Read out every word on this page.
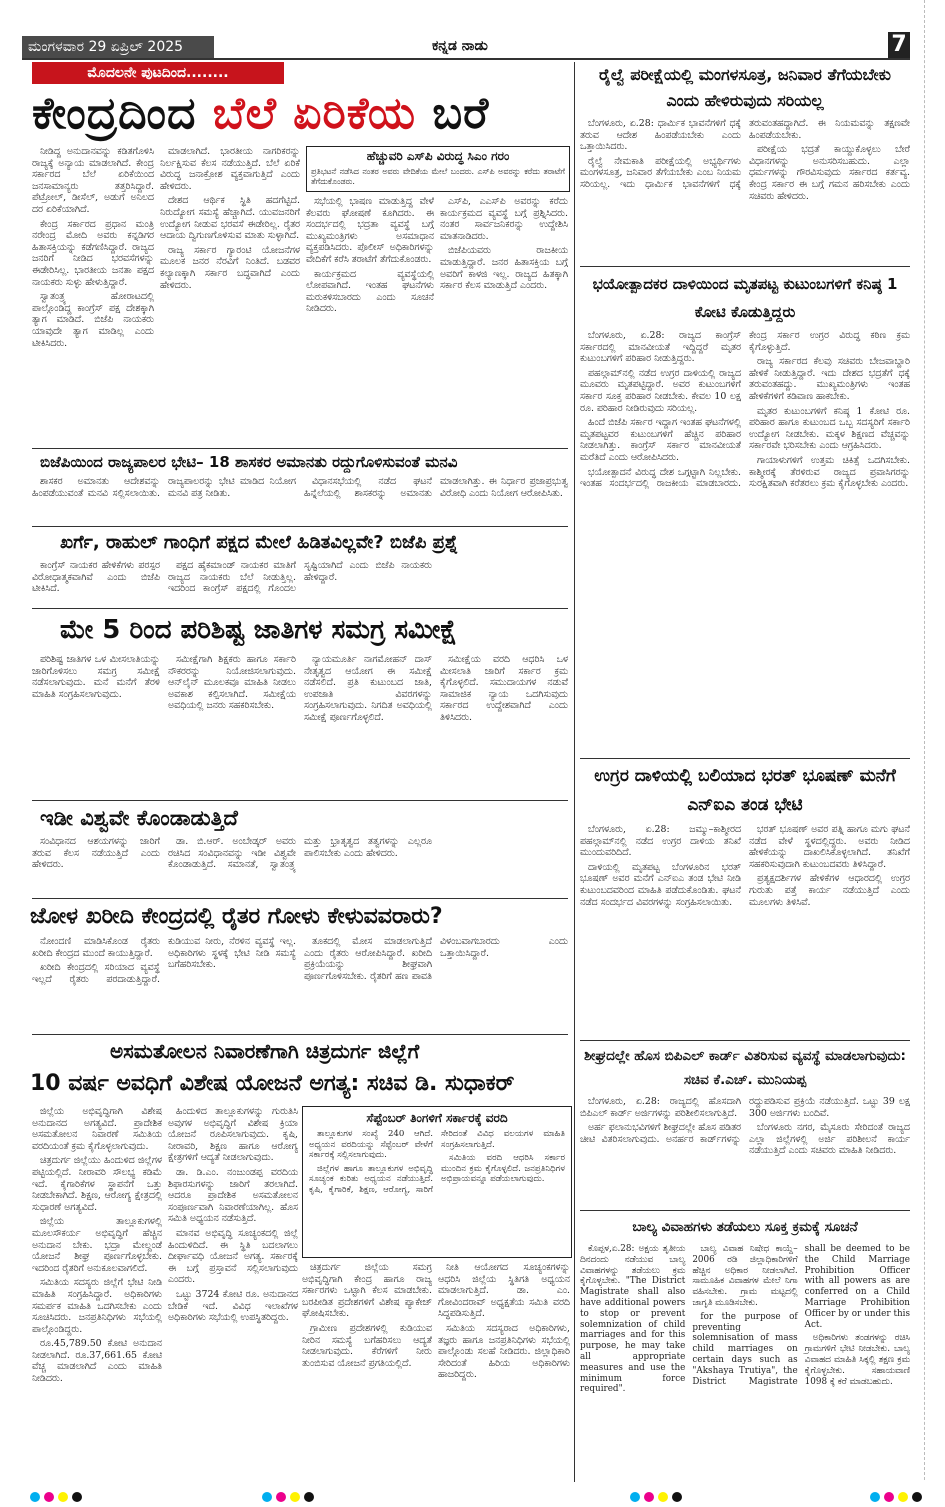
ಮಂಗಳವಾರ 29 ಏಪ್ರಿಲ್ 2025	ಕನ್ನಡ ನಾಡು	7
ಮೊದಲನೇ ಪುಟದಿಂದ........
ಕೇಂದ್ರದಿಂದ ಬೆಲೆ ಏರಿಕೆಯ ಬರೆ

ನೀಡಿದ್ದ ಅನುದಾನವನ್ನು ಕಡಿತಗೊಳಿಸಿ ರಾಜ್ಯಕ್ಕೆ ಅನ್ಯಾಯ ಮಾಡಲಾಗಿದೆ. ಕೇಂದ್ರ ಸರ್ಕಾರದ ಬೆಲೆ ಏರಿಕೆಯಿಂದ ಜನಸಾಮಾನ್ಯರು ತತ್ತರಿಸಿದ್ದಾರೆ. ಪೆಟ್ರೋಲ್, ಡೀಸೆಲ್, ಅಡುಗೆ ಅನಿಲದ ದರ ಏರಿಕೆಯಾಗಿದೆ.

ಕೇಂದ್ರ ಸರ್ಕಾರದ ಪ್ರಧಾನ ಮಂತ್ರಿ ನರೇಂದ್ರ ಮೋದಿ ಅವರು ಕನ್ನಡಿಗರ ಹಿತಾಸಕ್ತಿಯನ್ನು ಕಡೆಗಣಿಸಿದ್ದಾರೆ. ರಾಜ್ಯದ ಜನರಿಗೆ ನೀಡಿದ ಭರವಸೆಗಳನ್ನು ಈಡೇರಿಸಿಲ್ಲ. ಭಾರತೀಯ ಜನತಾ ಪಕ್ಷದ ನಾಯಕರು ಸುಳ್ಳು ಹೇಳುತ್ತಿದ್ದಾರೆ.

ಸ್ವಾತಂತ್ರ್ಯ ಹೋರಾಟದಲ್ಲಿ ಪಾಲ್ಗೊಂಡಿದ್ದ ಕಾಂಗ್ರೆಸ್ ಪಕ್ಷ ದೇಶಕ್ಕಾಗಿ ತ್ಯಾಗ ಮಾಡಿದೆ. ಬಿಜೆಪಿ ನಾಯಕರು ಯಾವುದೇ ತ್ಯಾಗ ಮಾಡಿಲ್ಲ ಎಂದು ಟೀಕಿಸಿದರು.

ಮಾಡಲಾಗಿದೆ. ಭಾರತೀಯ ನಾಗರಿಕರನ್ನು ನಿರ್ಲಕ್ಷಿಸುವ ಕೆಲಸ ನಡೆಯುತ್ತಿದೆ. ಬೆಲೆ ಏರಿಕೆ ವಿರುದ್ಧ ಜನಾಕ್ರೋಶ ವ್ಯಕ್ತವಾಗುತ್ತಿದೆ ಎಂದು ಹೇಳಿದರು.

ದೇಶದ ಆರ್ಥಿಕ ಸ್ಥಿತಿ ಹದಗೆಟ್ಟಿದೆ. ನಿರುದ್ಯೋಗ ಸಮಸ್ಯೆ ಹೆಚ್ಚಾಗಿದೆ. ಯುವಜನರಿಗೆ ಉದ್ಯೋಗ ನೀಡುವ ಭರವಸೆ ಈಡೇರಿಲ್ಲ. ರೈತರ ಆದಾಯ ದ್ವಿಗುಣಗೊಳಿಸುವ ಮಾತು ಸುಳ್ಳಾಗಿದೆ.

ರಾಜ್ಯ ಸರ್ಕಾರ ಗ್ಯಾರಂಟಿ ಯೋಜನೆಗಳ ಮೂಲಕ ಜನರ ನೆರವಿಗೆ ನಿಂತಿದೆ. ಬಡವರ ಕಲ್ಯಾಣಕ್ಕಾಗಿ ಸರ್ಕಾರ ಬದ್ಧವಾಗಿದೆ ಎಂದು ಹೇಳಿದರು.

ಹೆಚ್ಚುವರಿ ಎಸ್‌ಪಿ ವಿರುದ್ಧ ಸಿಎಂ ಗರಂ
ಪ್ರತಿಭಟನೆ ನಡೆಸಿದ ನಂತರ ಅವರು ವೇದಿಕೆಯ ಮೇಲೆ ಬಂದರು. ಎಸ್‌ಪಿ ಅವರನ್ನು ಕರೆದು ತರಾಟೆಗೆ ತೆಗೆದುಕೊಂಡರು.

ಸಭೆಯಲ್ಲಿ ಭಾಷಣ ಮಾಡುತ್ತಿದ್ದ ವೇಳೆ ಕೆಲವರು ಘೋಷಣೆ ಕೂಗಿದರು. ಈ ಸಂದರ್ಭದಲ್ಲಿ ಭದ್ರತಾ ವ್ಯವಸ್ಥೆ ಬಗ್ಗೆ ಮುಖ್ಯಮಂತ್ರಿಗಳು ಅಸಮಾಧಾನ ವ್ಯಕ್ತಪಡಿಸಿದರು. ಪೊಲೀಸ್ ಅಧಿಕಾರಿಗಳನ್ನು ವೇದಿಕೆಗೆ ಕರೆಸಿ ತರಾಟೆಗೆ ತೆಗೆದುಕೊಂಡರು.

ಕಾರ್ಯಕ್ರಮದ ವ್ಯವಸ್ಥೆಯಲ್ಲಿ ಲೋಪವಾಗಿದೆ. ಇಂತಹ ಘಟನೆಗಳು ಮರುಕಳಿಸಬಾರದು ಎಂದು ಸೂಚನೆ ನೀಡಿದರು.

ಎಸ್‌ಪಿ, ಎಎಸ್‌ಪಿ ಅವರನ್ನು ಕರೆದು ಕಾರ್ಯಕ್ರಮದ ವ್ಯವಸ್ಥೆ ಬಗ್ಗೆ ಪ್ರಶ್ನಿಸಿದರು. ನಂತರ ಸಾರ್ವಜನಿಕರನ್ನು ಉದ್ದೇಶಿಸಿ ಮಾತನಾಡಿದರು.

ಬಿಜೆಪಿಯವರು ರಾಜಕೀಯ ಮಾಡುತ್ತಿದ್ದಾರೆ. ಜನರ ಹಿತಾಸಕ್ತಿಯ ಬಗ್ಗೆ ಅವರಿಗೆ ಕಾಳಜಿ ಇಲ್ಲ. ರಾಜ್ಯದ ಹಿತಕ್ಕಾಗಿ ಸರ್ಕಾರ ಕೆಲಸ ಮಾಡುತ್ತಿದೆ ಎಂದರು.

ಬಿಜೆಪಿಯಿಂದ ರಾಜ್ಯಪಾಲರ ಭೇಟಿ– 18 ಶಾಸಕರ ಅಮಾನತು ರದ್ದುಗೊಳಿಸುವಂತೆ ಮನವಿ

ಶಾಸಕರ ಅಮಾನತು ಆದೇಶವನ್ನು ಹಿಂಪಡೆಯುವಂತೆ ಮನವಿ ಸಲ್ಲಿಸಲಾಯಿತು. ರಾಜ್ಯಪಾಲರನ್ನು ಭೇಟಿ ಮಾಡಿದ ನಿಯೋಗ ಮನವಿ ಪತ್ರ ನೀಡಿತು.

ವಿಧಾನಸಭೆಯಲ್ಲಿ ನಡೆದ ಘಟನೆ ಹಿನ್ನೆಲೆಯಲ್ಲಿ ಶಾಸಕರನ್ನು ಅಮಾನತು ಮಾಡಲಾಗಿತ್ತು. ಈ ನಿರ್ಧಾರ ಪ್ರಜಾಪ್ರಭುತ್ವ ವಿರೋಧಿ ಎಂದು ನಿಯೋಗ ಆರೋಪಿಸಿತು.

ಖರ್ಗೆ, ರಾಹುಲ್ ಗಾಂಧಿಗೆ ಪಕ್ಷದ ಮೇಲೆ ಹಿಡಿತವಿಲ್ಲವೇ? ಬಿಜೆಪಿ ಪ್ರಶ್ನೆ

ಕಾಂಗ್ರೆಸ್ ನಾಯಕರ ಹೇಳಿಕೆಗಳು ಪರಸ್ಪರ ವಿರೋಧಾತ್ಮಕವಾಗಿವೆ ಎಂದು ಬಿಜೆಪಿ ಟೀಕಿಸಿದೆ.

ಪಕ್ಷದ ಹೈಕಮಾಂಡ್ ನಾಯಕರ ಮಾತಿಗೆ ರಾಜ್ಯದ ನಾಯಕರು ಬೆಲೆ ನೀಡುತ್ತಿಲ್ಲ. ಇದರಿಂದ ಕಾಂಗ್ರೆಸ್ ಪಕ್ಷದಲ್ಲಿ ಗೊಂದಲ ಸೃಷ್ಟಿಯಾಗಿದೆ ಎಂದು ಬಿಜೆಪಿ ನಾಯಕರು ಹೇಳಿದ್ದಾರೆ.

ಮೇ 5 ರಿಂದ ಪರಿಶಿಷ್ಟ ಜಾತಿಗಳ ಸಮಗ್ರ ಸಮೀಕ್ಷೆ

ಪರಿಶಿಷ್ಟ ಜಾತಿಗಳ ಒಳ ಮೀಸಲಾತಿಯನ್ನು ಜಾರಿಗೊಳಿಸಲು ಸಮಗ್ರ ಸಮೀಕ್ಷೆ ನಡೆಸಲಾಗುವುದು. ಮನೆ ಮನೆಗೆ ತೆರಳಿ ಮಾಹಿತಿ ಸಂಗ್ರಹಿಸಲಾಗುವುದು.

ಸಮೀಕ್ಷೆಗಾಗಿ ಶಿಕ್ಷಕರು ಹಾಗೂ ಸರ್ಕಾರಿ ನೌಕರರನ್ನು ನಿಯೋಜಿಸಲಾಗುವುದು. ಆನ್‌ಲೈನ್ ಮೂಲಕವೂ ಮಾಹಿತಿ ನೀಡಲು ಅವಕಾಶ ಕಲ್ಪಿಸಲಾಗಿದೆ. ಸಮೀಕ್ಷೆಯ ಅವಧಿಯಲ್ಲಿ ಜನರು ಸಹಕರಿಸಬೇಕು.

ನ್ಯಾಯಮೂರ್ತಿ ನಾಗಮೋಹನ್ ದಾಸ್ ನೇತೃತ್ವದ ಆಯೋಗ ಈ ಸಮೀಕ್ಷೆ ನಡೆಸಲಿದೆ. ಪ್ರತಿ ಕುಟುಂಬದ ಜಾತಿ, ಉಪಜಾತಿ ವಿವರಗಳನ್ನು ಸಂಗ್ರಹಿಸಲಾಗುವುದು. ನಿಗದಿತ ಅವಧಿಯಲ್ಲಿ ಸಮೀಕ್ಷೆ ಪೂರ್ಣಗೊಳ್ಳಲಿದೆ.

ಸಮೀಕ್ಷೆಯ ವರದಿ ಆಧರಿಸಿ ಒಳ ಮೀಸಲಾತಿ ಜಾರಿಗೆ ಸರ್ಕಾರ ಕ್ರಮ ಕೈಗೊಳ್ಳಲಿದೆ. ಸಮುದಾಯಗಳ ನಡುವೆ ಸಾಮಾಜಿಕ ನ್ಯಾಯ ಒದಗಿಸುವುದು ಸರ್ಕಾರದ ಉದ್ದೇಶವಾಗಿದೆ ಎಂದು ತಿಳಿಸಿದರು.

ಇಡೀ ವಿಶ್ವವೇ ಕೊಂಡಾಡುತ್ತಿದೆ

ಸಂವಿಧಾನದ ಆಶಯಗಳನ್ನು ಜಾರಿಗೆ ತರುವ ಕೆಲಸ ನಡೆಯುತ್ತಿದೆ ಎಂದು ಹೇಳಿದರು.

ಡಾ. ಬಿ.ಆರ್. ಅಂಬೇಡ್ಕರ್ ಅವರು ರಚಿಸಿದ ಸಂವಿಧಾನವನ್ನು ಇಡೀ ವಿಶ್ವವೇ ಕೊಂಡಾಡುತ್ತಿದೆ. ಸಮಾನತೆ, ಸ್ವಾತಂತ್ರ್ಯ ಮತ್ತು ಭ್ರಾತೃತ್ವದ ತತ್ವಗಳನ್ನು ಎಲ್ಲರೂ ಪಾಲಿಸಬೇಕು ಎಂದು ಹೇಳಿದರು.

ಜೋಳ ಖರೀದಿ ಕೇಂದ್ರದಲ್ಲಿ ರೈತರ ಗೋಳು ಕೇಳುವವರಾರು?

ನೋಂದಣಿ ಮಾಡಿಸಿಕೊಂಡ ರೈತರು ಖರೀದಿ ಕೇಂದ್ರದ ಮುಂದೆ ಕಾಯುತ್ತಿದ್ದಾರೆ.

ಖರೀದಿ ಕೇಂದ್ರದಲ್ಲಿ ಸರಿಯಾದ ವ್ಯವಸ್ಥೆ ಇಲ್ಲದೆ ರೈತರು ಪರದಾಡುತ್ತಿದ್ದಾರೆ. ಕುಡಿಯುವ ನೀರು, ನೆರಳಿನ ವ್ಯವಸ್ಥೆ ಇಲ್ಲ. ಅಧಿಕಾರಿಗಳು ಸ್ಥಳಕ್ಕೆ ಭೇಟಿ ನೀಡಿ ಸಮಸ್ಯೆ ಬಗೆಹರಿಸಬೇಕು.

ತೂಕದಲ್ಲಿ ಮೋಸ ಮಾಡಲಾಗುತ್ತಿದೆ ಎಂದು ರೈತರು ಆರೋಪಿಸಿದ್ದಾರೆ. ಖರೀದಿ ಪ್ರಕ್ರಿಯೆಯನ್ನು ಶೀಘ್ರವಾಗಿ ಪೂರ್ಣಗೊಳಿಸಬೇಕು. ರೈತರಿಗೆ ಹಣ ಪಾವತಿ ವಿಳಂಬವಾಗಬಾರದು ಎಂದು ಒತ್ತಾಯಿಸಿದ್ದಾರೆ.

ಅಸಮತೋಲನ ನಿವಾರಣೆಗಾಗಿ ಚಿತ್ರದುರ್ಗ ಜಿಲ್ಲೆಗೆ
10 ವರ್ಷ ಅವಧಿಗೆ ವಿಶೇಷ ಯೋಜನೆ ಅಗತ್ಯ: ಸಚಿವ ಡಿ. ಸುಧಾಕರ್

ಜಿಲ್ಲೆಯ ಅಭಿವೃದ್ಧಿಗಾಗಿ ವಿಶೇಷ ಅನುದಾನದ ಅಗತ್ಯವಿದೆ. ಪ್ರಾದೇಶಿಕ ಅಸಮತೋಲನ ನಿವಾರಣೆ ಸಮಿತಿಯ ವರದಿಯಂತೆ ಕ್ರಮ ಕೈಗೊಳ್ಳಲಾಗುವುದು.

ಚಿತ್ರದುರ್ಗ ಜಿಲ್ಲೆಯು ಹಿಂದುಳಿದ ಜಿಲ್ಲೆಗಳ ಪಟ್ಟಿಯಲ್ಲಿದೆ. ನೀರಾವರಿ ಸೌಲಭ್ಯ ಕಡಿಮೆ ಇದೆ. ಕೈಗಾರಿಕೆಗಳ ಸ್ಥಾಪನೆಗೆ ಒತ್ತು ನೀಡಬೇಕಾಗಿದೆ. ಶಿಕ್ಷಣ, ಆರೋಗ್ಯ ಕ್ಷೇತ್ರದಲ್ಲಿ ಸುಧಾರಣೆ ಅಗತ್ಯವಿದೆ.

ಜಿಲ್ಲೆಯ ತಾಲ್ಲೂಕುಗಳಲ್ಲಿ ಮೂಲಸೌಕರ್ಯ ಅಭಿವೃದ್ಧಿಗೆ ಹೆಚ್ಚಿನ ಅನುದಾನ ಬೇಕು. ಭದ್ರಾ ಮೇಲ್ದಂಡೆ ಯೋಜನೆ ಶೀಘ್ರ ಪೂರ್ಣಗೊಳ್ಳಬೇಕು. ಇದರಿಂದ ರೈತರಿಗೆ ಅನುಕೂಲವಾಗಲಿದೆ.

ಸಮಿತಿಯ ಸದಸ್ಯರು ಜಿಲ್ಲೆಗೆ ಭೇಟಿ ನೀಡಿ ಮಾಹಿತಿ ಸಂಗ್ರಹಿಸಿದ್ದಾರೆ. ಅಧಿಕಾರಿಗಳು ಸಮರ್ಪಕ ಮಾಹಿತಿ ಒದಗಿಸಬೇಕು ಎಂದು ಸೂಚಿಸಿದರು. ಜನಪ್ರತಿನಿಧಿಗಳು ಸಭೆಯಲ್ಲಿ ಪಾಲ್ಗೊಂಡಿದ್ದರು.

ರೂ.45,789.50 ಕೋಟಿ ಅನುದಾನ ನೀಡಲಾಗಿದೆ. ರೂ.37,661.65 ಕೋಟಿ ವೆಚ್ಚ ಮಾಡಲಾಗಿದೆ ಎಂದು ಮಾಹಿತಿ ನೀಡಿದರು.

ಹಿಂದುಳಿದ ತಾಲ್ಲೂಕುಗಳನ್ನು ಗುರುತಿಸಿ ಅವುಗಳ ಅಭಿವೃದ್ಧಿಗೆ ವಿಶೇಷ ಕ್ರಿಯಾ ಯೋಜನೆ ರೂಪಿಸಲಾಗುವುದು. ಕೃಷಿ, ನೀರಾವರಿ, ಶಿಕ್ಷಣ ಹಾಗೂ ಆರೋಗ್ಯ ಕ್ಷೇತ್ರಗಳಿಗೆ ಆದ್ಯತೆ ನೀಡಲಾಗುವುದು.

ಡಾ. ಡಿ.ಎಂ. ನಂಜುಂಡಪ್ಪ ವರದಿಯ ಶಿಫಾರಸುಗಳನ್ನು ಜಾರಿಗೆ ತರಲಾಗಿದೆ. ಆದರೂ ಪ್ರಾದೇಶಿಕ ಅಸಮತೋಲನ ಸಂಪೂರ್ಣವಾಗಿ ನಿವಾರಣೆಯಾಗಿಲ್ಲ. ಹೊಸ ಸಮಿತಿ ಅಧ್ಯಯನ ನಡೆಸುತ್ತಿದೆ.

ಮಾನವ ಅಭಿವೃದ್ಧಿ ಸೂಚ್ಯಂಕದಲ್ಲಿ ಜಿಲ್ಲೆ ಹಿಂದುಳಿದಿದೆ. ಈ ಸ್ಥಿತಿ ಬದಲಾಗಲು ದೀರ್ಘಾವಧಿ ಯೋಜನೆ ಅಗತ್ಯ. ಸರ್ಕಾರಕ್ಕೆ ಈ ಬಗ್ಗೆ ಪ್ರಸ್ತಾವನೆ ಸಲ್ಲಿಸಲಾಗುವುದು ಎಂದರು.

ಒಟ್ಟು 3724 ಕೋಟಿ ರೂ. ಅನುದಾನದ ಬೇಡಿಕೆ ಇದೆ. ವಿವಿಧ ಇಲಾಖೆಗಳ ಅಧಿಕಾರಿಗಳು ಸಭೆಯಲ್ಲಿ ಉಪಸ್ಥಿತರಿದ್ದರು.

ಸೆಪ್ಟೆಂಬರ್ ತಿಂಗಳಿಗೆ ಸರ್ಕಾರಕ್ಕೆ ವರದಿ

ತಾಲ್ಲೂಕುಗಳ ಸಂಖ್ಯೆ 240 ಆಗಿದೆ. ಅಧ್ಯಯನ ವರದಿಯನ್ನು ಸೆಪ್ಟೆಂಬರ್ ವೇಳೆಗೆ ಸರ್ಕಾರಕ್ಕೆ ಸಲ್ಲಿಸಲಾಗುವುದು.

ಜಿಲ್ಲೆಗಳ ಹಾಗೂ ತಾಲ್ಲೂಕುಗಳ ಅಭಿವೃದ್ಧಿ ಸೂಚ್ಯಂಕ ಕುರಿತು ಅಧ್ಯಯನ ನಡೆಯುತ್ತಿದೆ. ಕೃಷಿ, ಕೈಗಾರಿಕೆ, ಶಿಕ್ಷಣ, ಆರೋಗ್ಯ, ಸಾರಿಗೆ ಸೇರಿದಂತೆ ವಿವಿಧ ವಲಯಗಳ ಮಾಹಿತಿ ಸಂಗ್ರಹಿಸಲಾಗುತ್ತಿದೆ.

ಸಮಿತಿಯ ವರದಿ ಆಧರಿಸಿ ಸರ್ಕಾರ ಮುಂದಿನ ಕ್ರಮ ಕೈಗೊಳ್ಳಲಿದೆ. ಜನಪ್ರತಿನಿಧಿಗಳ ಅಭಿಪ್ರಾಯವನ್ನೂ ಪಡೆಯಲಾಗುವುದು.

ಚಿತ್ರದುರ್ಗ ಜಿಲ್ಲೆಯ ಸಮಗ್ರ ಅಭಿವೃದ್ಧಿಗಾಗಿ ಕೇಂದ್ರ ಹಾಗೂ ರಾಜ್ಯ ಸರ್ಕಾರಗಳು ಒಟ್ಟಾಗಿ ಕೆಲಸ ಮಾಡಬೇಕು. ಬರಪೀಡಿತ ಪ್ರದೇಶಗಳಿಗೆ ವಿಶೇಷ ಪ್ಯಾಕೇಜ್ ಘೋಷಿಸಬೇಕು.

ಗ್ರಾಮೀಣ ಪ್ರದೇಶಗಳಲ್ಲಿ ಕುಡಿಯುವ ನೀರಿನ ಸಮಸ್ಯೆ ಬಗೆಹರಿಸಲು ಆದ್ಯತೆ ನೀಡಲಾಗುವುದು. ಕೆರೆಗಳಿಗೆ ನೀರು ತುಂಬಿಸುವ ಯೋಜನೆ ಪ್ರಗತಿಯಲ್ಲಿದೆ.

ನೀತಿ ಆಯೋಗದ ಸೂಚ್ಯಂಕಗಳನ್ನು ಆಧರಿಸಿ ಜಿಲ್ಲೆಯ ಸ್ಥಿತಿಗತಿ ಅಧ್ಯಯನ ಮಾಡಲಾಗುತ್ತಿದೆ. ಡಾ. ಎಂ. ಗೋವಿಂದರಾವ್ ಅಧ್ಯಕ್ಷತೆಯ ಸಮಿತಿ ವರದಿ ಸಿದ್ಧಪಡಿಸುತ್ತಿದೆ.

ಸಮಿತಿಯ ಸದಸ್ಯರಾದ ಅಧಿಕಾರಿಗಳು, ತಜ್ಞರು ಹಾಗೂ ಜನಪ್ರತಿನಿಧಿಗಳು ಸಭೆಯಲ್ಲಿ ಪಾಲ್ಗೊಂಡು ಸಲಹೆ ನೀಡಿದರು. ಜಿಲ್ಲಾಧಿಕಾರಿ ಸೇರಿದಂತೆ ಹಿರಿಯ ಅಧಿಕಾರಿಗಳು ಹಾಜರಿದ್ದರು.

ರೈಲ್ವೆ ಪರೀಕ್ಷೆಯಲ್ಲಿ ಮಂಗಳಸೂತ್ರ, ಜನಿವಾರ ತೆಗೆಯಬೇಕು ಎಂದು ಹೇಳಿರುವುದು ಸರಿಯಲ್ಲ

ಬೆಂಗಳೂರು, ಏ.28: ಧಾರ್ಮಿಕ ಭಾವನೆಗಳಿಗೆ ಧಕ್ಕೆ ತರುವ ಆದೇಶ ಹಿಂಪಡೆಯಬೇಕು ಎಂದು ಒತ್ತಾಯಿಸಿದರು.

ರೈಲ್ವೆ ನೇಮಕಾತಿ ಪರೀಕ್ಷೆಯಲ್ಲಿ ಅಭ್ಯರ್ಥಿಗಳು ಮಂಗಳಸೂತ್ರ, ಜನಿವಾರ ತೆಗೆಯಬೇಕು ಎಂಬ ನಿಯಮ ಸರಿಯಲ್ಲ. ಇದು ಧಾರ್ಮಿಕ ಭಾವನೆಗಳಿಗೆ ಧಕ್ಕೆ ತರುವಂತಹದ್ದಾಗಿದೆ. ಈ ನಿಯಮವನ್ನು ತಕ್ಷಣವೇ ಹಿಂಪಡೆಯಬೇಕು.

ಪರೀಕ್ಷೆಯ ಭದ್ರತೆ ಕಾಯ್ದುಕೊಳ್ಳಲು ಬೇರೆ ವಿಧಾನಗಳನ್ನು ಅನುಸರಿಸಬಹುದು. ಎಲ್ಲಾ ಧರ್ಮಗಳನ್ನು ಗೌರವಿಸುವುದು ಸರ್ಕಾರದ ಕರ್ತವ್ಯ. ಕೇಂದ್ರ ಸರ್ಕಾರ ಈ ಬಗ್ಗೆ ಗಮನ ಹರಿಸಬೇಕು ಎಂದು ಸಚಿವರು ಹೇಳಿದರು.

ಭಯೋತ್ಪಾದಕರ ದಾಳಿಯಿಂದ ಮೃತಪಟ್ಟ ಕುಟುಂಬಗಳಿಗೆ ಕನಿಷ್ಠ 1 ಕೋಟಿ ಕೊಡುತ್ತಿದ್ದರು

ಬೆಂಗಳೂರು, ಏ.28: ರಾಜ್ಯದ ಕಾಂಗ್ರೆಸ್ ಸರ್ಕಾರದಲ್ಲಿ ಮಾನವೀಯತೆ ಇದ್ದಿದ್ದರೆ ಮೃತರ ಕುಟುಂಬಗಳಿಗೆ ಪರಿಹಾರ ನೀಡುತ್ತಿದ್ದರು.

ಪಹಲ್ಗಾಮ್‌ನಲ್ಲಿ ನಡೆದ ಉಗ್ರರ ದಾಳಿಯಲ್ಲಿ ರಾಜ್ಯದ ಮೂವರು ಮೃತಪಟ್ಟಿದ್ದಾರೆ. ಅವರ ಕುಟುಂಬಗಳಿಗೆ ಸರ್ಕಾರ ಸೂಕ್ತ ಪರಿಹಾರ ನೀಡಬೇಕು. ಕೇವಲ 10 ಲಕ್ಷ ರೂ. ಪರಿಹಾರ ನೀಡಿರುವುದು ಸರಿಯಲ್ಲ.

ಹಿಂದೆ ಬಿಜೆಪಿ ಸರ್ಕಾರ ಇದ್ದಾಗ ಇಂತಹ ಘಟನೆಗಳಲ್ಲಿ ಮೃತಪಟ್ಟವರ ಕುಟುಂಬಗಳಿಗೆ ಹೆಚ್ಚಿನ ಪರಿಹಾರ ನೀಡಲಾಗಿತ್ತು. ಕಾಂಗ್ರೆಸ್ ಸರ್ಕಾರ ಮಾನವೀಯತೆ ಮರೆತಿದೆ ಎಂದು ಆರೋಪಿಸಿದರು.

ಭಯೋತ್ಪಾದನೆ ವಿರುದ್ಧ ದೇಶ ಒಗ್ಗಟ್ಟಾಗಿ ನಿಲ್ಲಬೇಕು. ಇಂತಹ ಸಂದರ್ಭದಲ್ಲಿ ರಾಜಕೀಯ ಮಾಡಬಾರದು. ಕೇಂದ್ರ ಸರ್ಕಾರ ಉಗ್ರರ ವಿರುದ್ಧ ಕಠಿಣ ಕ್ರಮ ಕೈಗೊಳ್ಳುತ್ತಿದೆ.

ರಾಜ್ಯ ಸರ್ಕಾರದ ಕೆಲವು ಸಚಿವರು ಬೇಜವಾಬ್ದಾರಿ ಹೇಳಿಕೆ ನೀಡುತ್ತಿದ್ದಾರೆ. ಇದು ದೇಶದ ಭದ್ರತೆಗೆ ಧಕ್ಕೆ ತರುವಂತಹದ್ದು. ಮುಖ್ಯಮಂತ್ರಿಗಳು ಇಂತಹ ಹೇಳಿಕೆಗಳಿಗೆ ಕಡಿವಾಣ ಹಾಕಬೇಕು.

ಮೃತರ ಕುಟುಂಬಗಳಿಗೆ ಕನಿಷ್ಠ 1 ಕೋಟಿ ರೂ. ಪರಿಹಾರ ಹಾಗೂ ಕುಟುಂಬದ ಒಬ್ಬ ಸದಸ್ಯರಿಗೆ ಸರ್ಕಾರಿ ಉದ್ಯೋಗ ನೀಡಬೇಕು. ಮಕ್ಕಳ ಶಿಕ್ಷಣದ ವೆಚ್ಚವನ್ನು ಸರ್ಕಾರವೇ ಭರಿಸಬೇಕು ಎಂದು ಆಗ್ರಹಿಸಿದರು.

ಗಾಯಾಳುಗಳಿಗೆ ಉತ್ತಮ ಚಿಕಿತ್ಸೆ ಒದಗಿಸಬೇಕು. ಕಾಶ್ಮೀರಕ್ಕೆ ತೆರಳಿರುವ ರಾಜ್ಯದ ಪ್ರವಾಸಿಗರನ್ನು ಸುರಕ್ಷಿತವಾಗಿ ಕರೆತರಲು ಕ್ರಮ ಕೈಗೊಳ್ಳಬೇಕು ಎಂದರು.

ಉಗ್ರರ ದಾಳಿಯಲ್ಲಿ ಬಲಿಯಾದ ಭರತ್ ಭೂಷಣ್ ಮನೆಗೆ ಎನ್‌ಐಎ ತಂಡ ಭೇಟಿ

ಬೆಂಗಳೂರು, ಏ.28: ಜಮ್ಮು–ಕಾಶ್ಮೀರದ ಪಹಲ್ಗಾಮ್‌ನಲ್ಲಿ ನಡೆದ ಉಗ್ರರ ದಾಳಿಯ ತನಿಖೆ ಮುಂದುವರಿದಿದೆ.

ದಾಳಿಯಲ್ಲಿ ಮೃತಪಟ್ಟ ಬೆಂಗಳೂರಿನ ಭರತ್ ಭೂಷಣ್ ಅವರ ಮನೆಗೆ ಎನ್‌ಐಎ ತಂಡ ಭೇಟಿ ನೀಡಿ ಕುಟುಂಬದವರಿಂದ ಮಾಹಿತಿ ಪಡೆದುಕೊಂಡಿತು. ಘಟನೆ ನಡೆದ ಸಂದರ್ಭದ ವಿವರಗಳನ್ನು ಸಂಗ್ರಹಿಸಲಾಯಿತು.

ಭರತ್ ಭೂಷಣ್ ಅವರ ಪತ್ನಿ ಹಾಗೂ ಮಗು ಘಟನೆ ನಡೆದ ವೇಳೆ ಸ್ಥಳದಲ್ಲಿದ್ದರು. ಅವರು ನೀಡಿದ ಹೇಳಿಕೆಯನ್ನು ದಾಖಲಿಸಿಕೊಳ್ಳಲಾಗಿದೆ. ತನಿಖೆಗೆ ಸಹಕರಿಸುವುದಾಗಿ ಕುಟುಂಬದವರು ತಿಳಿಸಿದ್ದಾರೆ.

ಪ್ರತ್ಯಕ್ಷದರ್ಶಿಗಳ ಹೇಳಿಕೆಗಳ ಆಧಾರದಲ್ಲಿ ಉಗ್ರರ ಗುರುತು ಪತ್ತೆ ಕಾರ್ಯ ನಡೆಯುತ್ತಿದೆ ಎಂದು ಮೂಲಗಳು ತಿಳಿಸಿವೆ.

ಶೀಘ್ರದಲ್ಲೇ ಹೊಸ ಬಿಪಿಎಲ್ ಕಾರ್ಡ್ ವಿತರಿಸುವ ವ್ಯವಸ್ಥೆ ಮಾಡಲಾಗುವುದು: ಸಚಿವ ಕೆ.ಎಚ್. ಮುನಿಯಪ್ಪ

ಬೆಂಗಳೂರು, ಏ.28: ರಾಜ್ಯದಲ್ಲಿ ಹೊಸದಾಗಿ ಬಿಪಿಎಲ್ ಕಾರ್ಡ್ ಅರ್ಜಿಗಳನ್ನು ಪರಿಶೀಲಿಸಲಾಗುತ್ತಿದೆ.

ಅರ್ಹ ಫಲಾನುಭವಿಗಳಿಗೆ ಶೀಘ್ರದಲ್ಲೇ ಹೊಸ ಪಡಿತರ ಚೀಟಿ ವಿತರಿಸಲಾಗುವುದು. ಅನರ್ಹರ ಕಾರ್ಡ್‌ಗಳನ್ನು ರದ್ದುಪಡಿಸುವ ಪ್ರಕ್ರಿಯೆ ನಡೆಯುತ್ತಿದೆ. ಒಟ್ಟು 39 ಲಕ್ಷ 300 ಅರ್ಜಿಗಳು ಬಂದಿವೆ.

ಬೆಂಗಳೂರು ನಗರ, ಮೈಸೂರು ಸೇರಿದಂತೆ ರಾಜ್ಯದ ಎಲ್ಲಾ ಜಿಲ್ಲೆಗಳಲ್ಲಿ ಅರ್ಜಿ ಪರಿಶೀಲನೆ ಕಾರ್ಯ ನಡೆಯುತ್ತಿದೆ ಎಂದು ಸಚಿವರು ಮಾಹಿತಿ ನೀಡಿದರು.

ಬಾಲ್ಯ ವಿವಾಹಗಳು ತಡೆಯಲು ಸೂಕ್ತ ಕ್ರಮಕ್ಕೆ ಸೂಚನೆ

ಕೊಪ್ಪಳ,ಏ.28: ಅಕ್ಷಯ ತೃತೀಯ ದಿನದಂದು ನಡೆಯುವ ಬಾಲ್ಯ ವಿವಾಹಗಳನ್ನು ತಡೆಯಲು ಕ್ರಮ ಕೈಗೊಳ್ಳಬೇಕು. "The District Magistrate shall also have additional powers to stop or prevent solemnization of child marriages and for this purpose, he may take all appropriate measures and use the minimum force required".

ಬಾಲ್ಯ ವಿವಾಹ ನಿಷೇಧ ಕಾಯ್ದೆ–2006 ರಡಿ ಜಿಲ್ಲಾಧಿಕಾರಿಗಳಿಗೆ ಹೆಚ್ಚಿನ ಅಧಿಕಾರ ನೀಡಲಾಗಿದೆ. ಸಾಮೂಹಿಕ ವಿವಾಹಗಳ ಮೇಲೆ ನಿಗಾ ವಹಿಸಬೇಕು. ಗ್ರಾಮ ಮಟ್ಟದಲ್ಲಿ ಜಾಗೃತಿ ಮೂಡಿಸಬೇಕು.

for the purpose of preventing solemnisation of mass child marriages on certain days such as "Akshaya Trutiya", the District Magistrate shall be deemed to be the Child Marriage Prohibition Officer with all powers as are conferred on a Child Marriage Prohibition Officer by or under this Act.

ಅಧಿಕಾರಿಗಳು ತಂಡಗಳನ್ನು ರಚಿಸಿ ಗ್ರಾಮಗಳಿಗೆ ಭೇಟಿ ನೀಡಬೇಕು. ಬಾಲ್ಯ ವಿವಾಹದ ಮಾಹಿತಿ ಸಿಕ್ಕಲ್ಲಿ ತಕ್ಷಣ ಕ್ರಮ ಕೈಗೊಳ್ಳಬೇಕು. ಸಹಾಯವಾಣಿ 1098 ಕ್ಕೆ ಕರೆ ಮಾಡಬಹುದು.
